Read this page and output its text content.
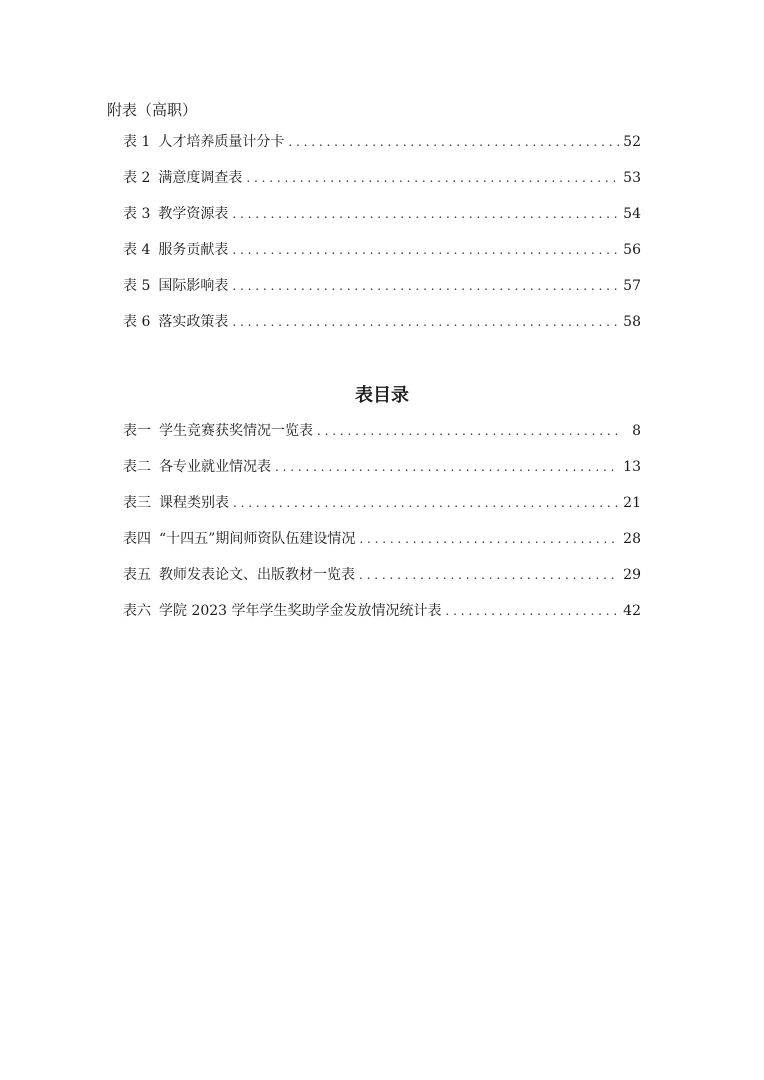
附表（高职）
表 1 人才培养质量计分卡 . . .	52
表 2 满意度调查表 . . .	53
表 3 教学资源表 . . .	54
表 4 服务贡献表 . . .	56
表 5 国际影响表 . . .	57
表 6 落实政策表 . . .	58
表目录
表一 学生竞赛获奖情况一览表 . . .	8
表二 各专业就业情况表 . . .	13
表三 课程类别表 . . .	21
表四 “十四五”期间师资队伍建设情况 . . .	28
表五 教师发表论文、出版教材一览表 . . .	29
表六 学院 2023 学年学生奖助学金发放情况统计表 . . .	42
